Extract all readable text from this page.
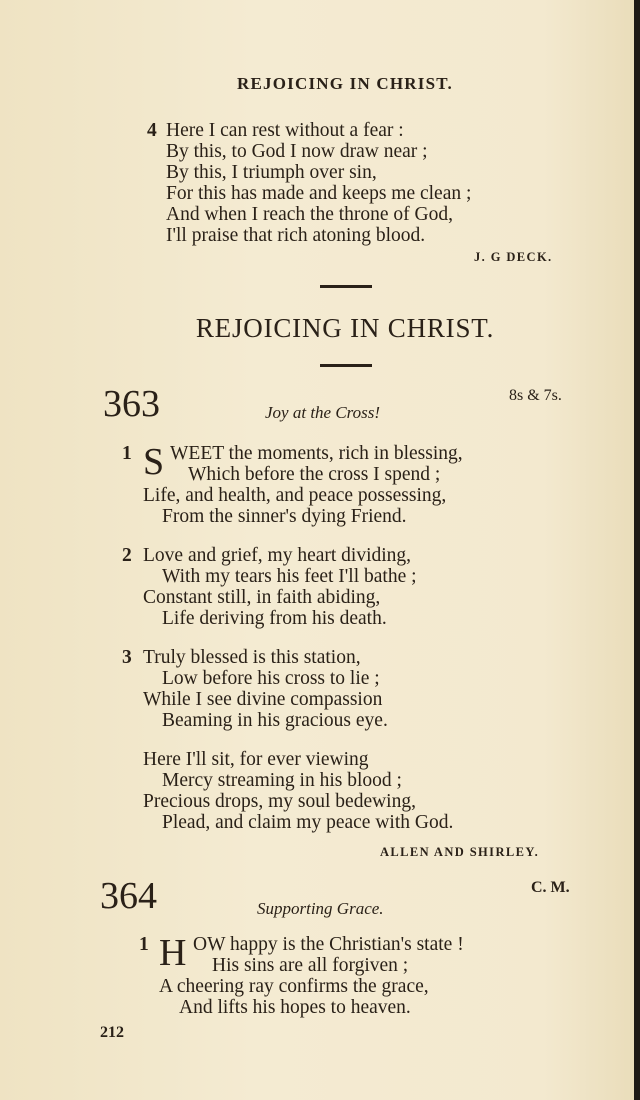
REJOICING IN CHRIST.
4 Here I can rest without a fear :
By this, to God I now draw near ;
By this, I triumph over sin,
For this has made and keeps me clean ;
And when I reach the throne of God,
I'll praise that rich atoning blood.
J. G DECK.
REJOICING IN CHRIST.
363	8s & 7s.
Joy at the Cross!
1 S WEET the moments, rich in blessing,
Which before the cross I spend ;
Life, and health, and peace possessing,
From the sinner's dying Friend.
2 Love and grief, my heart dividing,
With my tears his feet I'll bathe ;
Constant still, in faith abiding,
Life deriving from his death.
3 Truly blessed is this station,
Low before his cross to lie ;
While I see divine compassion
Beaming in his gracious eye.
Here I'll sit, for ever viewing
Mercy streaming in his blood ;
Precious drops, my soul bedewing,
Plead, and claim my peace with God.
ALLEN AND SHIRLEY.
364	C. M.
Supporting Grace.
1 H OW happy is the Christian's state !
His sins are all forgiven ;
A cheering ray confirms the grace,
And lifts his hopes to heaven.
212
